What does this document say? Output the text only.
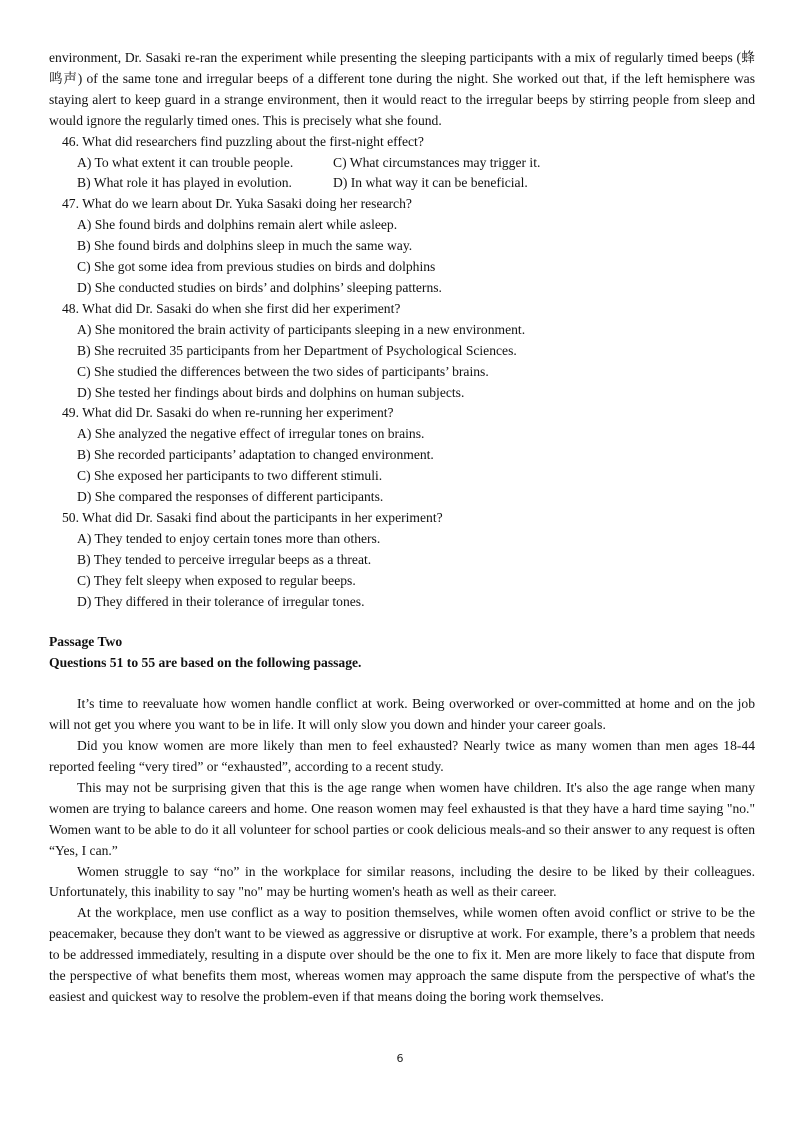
environment, Dr. Sasaki re-ran the experiment while presenting the sleeping participants with a mix of regularly timed beeps (蜂鸣声) of the same tone and irregular beeps of a different tone during the night. She worked out that, if the left hemisphere was staying alert to keep guard in a strange environment, then it would react to the irregular beeps by stirring people from sleep and would ignore the regularly timed ones. This is precisely what she found.

46. What did researchers find puzzling about the first-night effect?

A) To what extent it can trouble people.	C) What circumstances may trigger it.
B) What role it has played in evolution.	D) In what way it can be beneficial.

47. What do we learn about Dr. Yuka Sasaki doing her research?

A) She found birds and dolphins remain alert while asleep.

B) She found birds and dolphins sleep in much the same way.

C) She got some idea from previous studies on birds and dolphins

D) She conducted studies on birds’ and dolphins’ sleeping patterns.

48. What did Dr. Sasaki do when she first did her experiment?

A) She monitored the brain activity of participants sleeping in a new environment.

B) She recruited 35 participants from her Department of Psychological Sciences.

C) She studied the differences between the two sides of participants’ brains.

D) She tested her findings about birds and dolphins on human subjects.

49. What did Dr. Sasaki do when re-running her experiment?

A) She analyzed the negative effect of irregular tones on brains.

B) She recorded participants’ adaptation to changed environment.

C) She exposed her participants to two different stimuli.

D) She compared the responses of different participants.

50. What did Dr. Sasaki find about the participants in her experiment?

A) They tended to enjoy certain tones more than others.

B) They tended to perceive irregular beeps as a threat.

C) They felt sleepy when exposed to regular beeps.

D) They differed in their tolerance of irregular tones.

Passage Two

Questions 51 to 55 are based on the following passage.

It’s time to reevaluate how women handle conflict at work. Being overworked or over-committed at home and on the job will not get you where you want to be in life. It will only slow you down and hinder your career goals.

Did you know women are more likely than men to feel exhausted? Nearly twice as many women than men ages 18-44 reported feeling “very tired” or “exhausted”, according to a recent study.

This may not be surprising given that this is the age range when women have children. It's also the age range when many women are trying to balance careers and home. One reason women may feel exhausted is that they have a hard time saying "no." Women want to be able to do it all volunteer for school parties or cook delicious meals-and so their answer to any request is often “Yes, I can.”

Women struggle to say “no” in the workplace for similar reasons, including the desire to be liked by their colleagues. Unfortunately, this inability to say "no" may be hurting women's heath as well as their career.

At the workplace, men use conflict as a way to position themselves, while women often avoid conflict or strive to be the peacemaker, because they don't want to be viewed as aggressive or disruptive at work. For example, there’s a problem that needs to be addressed immediately, resulting in a dispute over should be the one to fix it. Men are more likely to face that dispute from the perspective of what benefits them most, whereas women may approach the same dispute from the perspective of what's the easiest and quickest way to resolve the problem-even if that means doing the boring work themselves.

6
